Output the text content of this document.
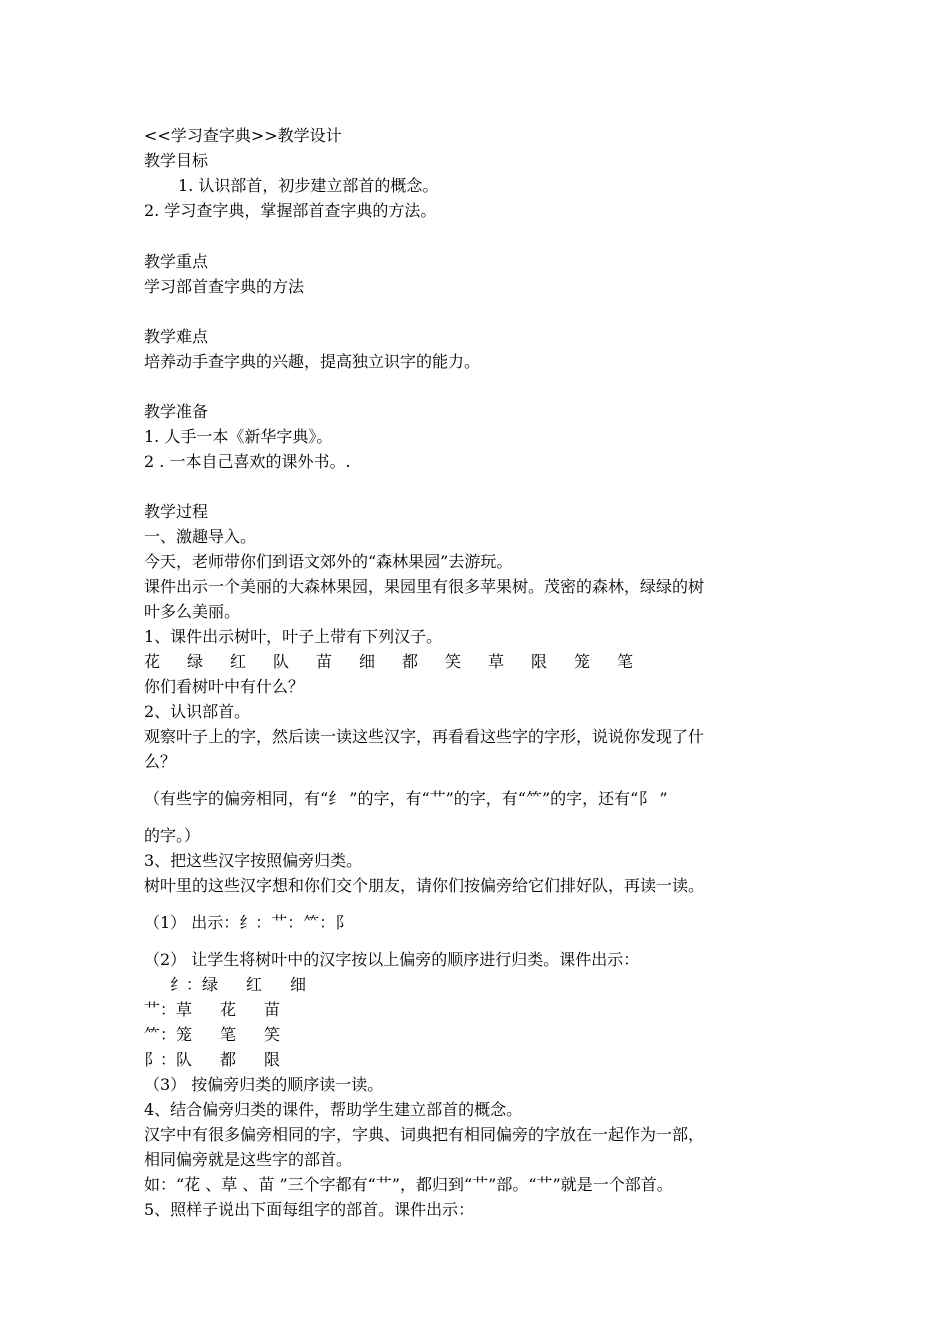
<<学习查字典>>教学设计
教学目标
1. 认识部首，初步建立部首的概念。
2. 学习查字典，掌握部首查字典的方法。
教学重点
学习部首查字典的方法
教学难点
培养动手查字典的兴趣，提高独立识字的能力。
教学准备
1. 人手一本《新华字典》。
2 . 一本自己喜欢的课外书。.
教学过程
一、激趣导入。
今天，老师带你们到语文郊外的“森林果园”去游玩。
课件出示一个美丽的大森林果园，果园里有很多苹果树。茂密的森林，绿绿的树
叶多么美丽。
1、课件出示树叶，叶子上带有下列汉子。
花	绿	红	队	苗	细	都	笑	草	限	笼	笔
你们看树叶中有什么？
2、认识部首。
观察叶子上的字，然后读一读这些汉字，再看看这些字的字形，说说你发现了什
么？
（有些字的偏旁相同，有“纟 ”的字，有“艹”的字，有“⺮”的字，还有“阝 ”
的字。）
3、把这些汉字按照偏旁归类。
树叶里的这些汉字想和你们交个朋友，请你们按偏旁给它们排好队，再读一读。
（1） 出示：纟：艹：⺮：阝
（2） 让学生将树叶中的汉字按以上偏旁的顺序进行归类。课件出示：
纟：绿 红 细
艹：草 花 苗
⺮：笼 笔 笑
阝：队 都 限
（3） 按偏旁归类的顺序读一读。
4、结合偏旁归类的课件，帮助学生建立部首的概念。
汉字中有很多偏旁相同的字，字典、词典把有相同偏旁的字放在一起作为一部，
相同偏旁就是这些字的部首。
如：“花 、草 、苗 ”三个字都有“艹”，都归到“艹”部。“艹”就是一个部首。
5、照样子说出下面每组字的部首。课件出示：
